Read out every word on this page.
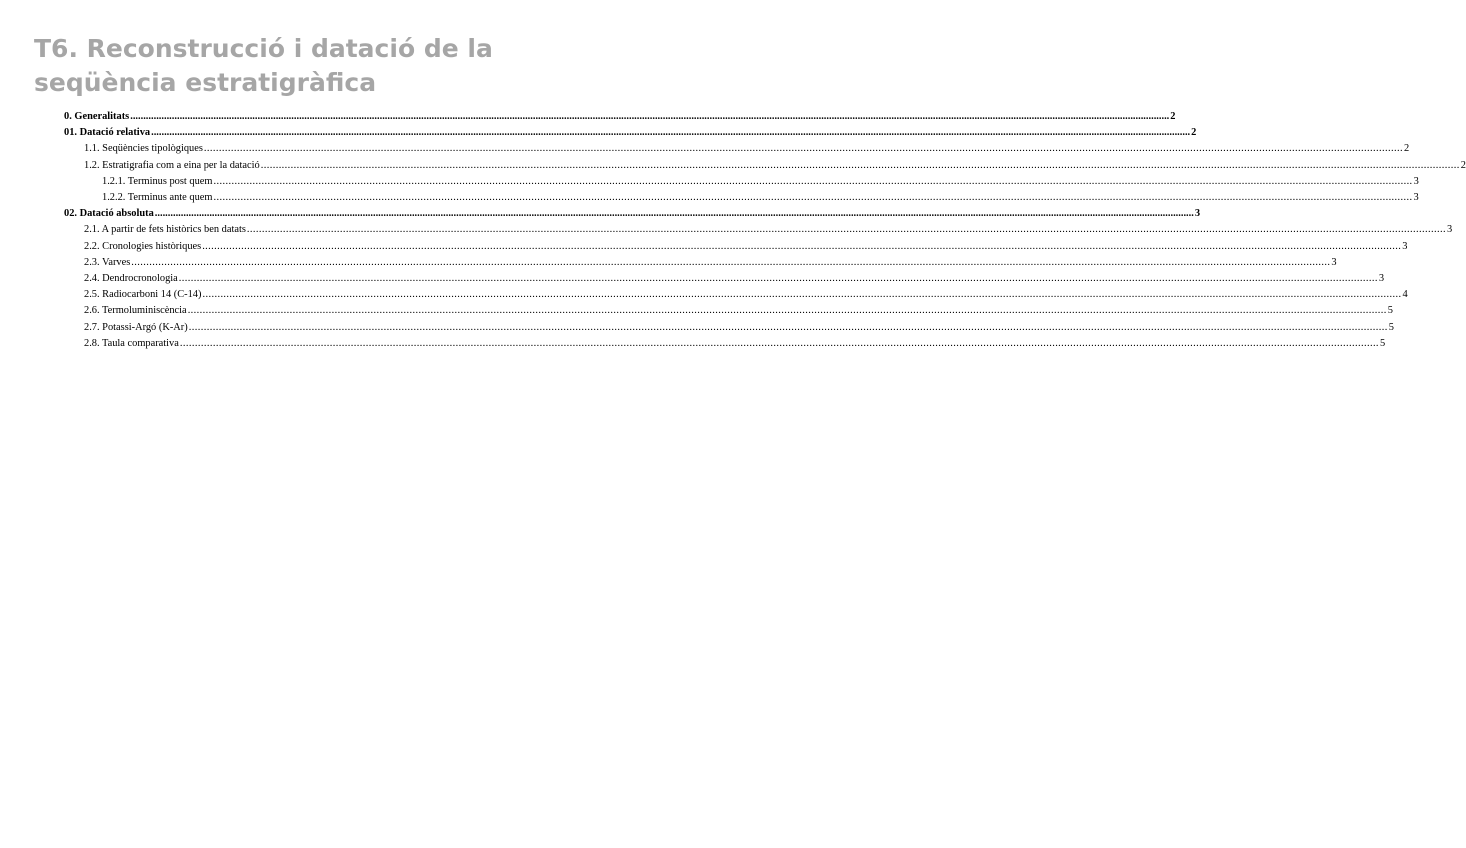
T6. Reconstrucció i datació de la seqüència estratigràfica
0. Generalitats ................................................................................................................................................................................................................................................................................................................................................................................................................ 2
01. Datació relativa ................................................................................................................................................................................................................................................................................................................................................................................................................ 2
1.1. Seqüències tipològiques ................................................................................................................................................................................................................................................................................................................................................................................................................ 2
1.2. Estratigrafia com a eina per la datació ................................................................................................................................................................................................................................................................................................................................................................................................................ 2
1.2.1. Terminus post quem ................................................................................................................................................................................................................................................................................................................................................................................................................ 3
1.2.2. Terminus ante quem ................................................................................................................................................................................................................................................................................................................................................................................................................ 3
02. Datació absoluta ................................................................................................................................................................................................................................................................................................................................................................................................................ 3
2.1. A partir de fets històrics ben datats ................................................................................................................................................................................................................................................................................................................................................................................................................ 3
2.2. Cronologies històriques ................................................................................................................................................................................................................................................................................................................................................................................................................ 3
2.3. Varves ................................................................................................................................................................................................................................................................................................................................................................................................................ 3
2.4. Dendrocronologia ................................................................................................................................................................................................................................................................................................................................................................................................................ 3
2.5. Radiocarboni 14 (C-14) ................................................................................................................................................................................................................................................................................................................................................................................................................ 4
2.6. Termoluminiscència ................................................................................................................................................................................................................................................................................................................................................................................................................ 5
2.7. Potassi-Argó (K-Ar) ................................................................................................................................................................................................................................................................................................................................................................................................................ 5
2.8. Taula comparativa ................................................................................................................................................................................................................................................................................................................................................................................................................ 5
